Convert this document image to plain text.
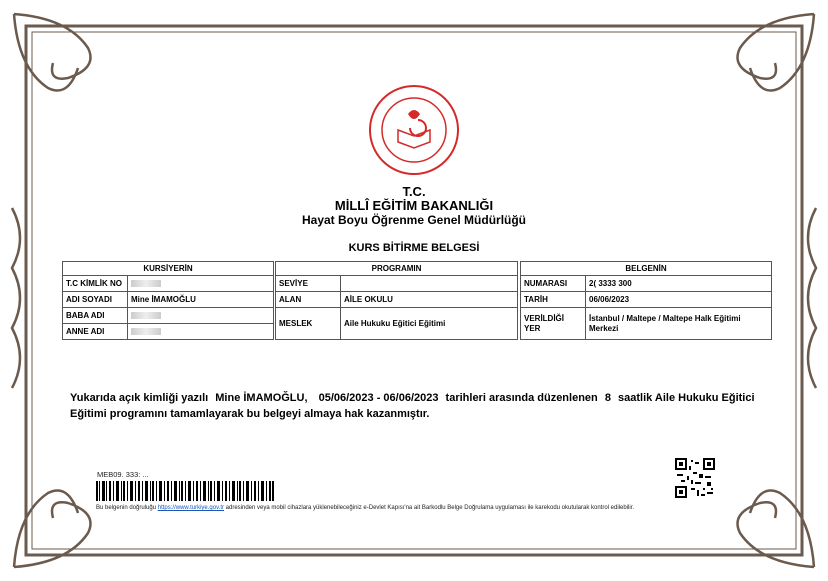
T.C.
MİLLÎ EĞİTİM BAKANLIĞI
Hayat Boyu Öğrenme Genel Müdürlüğü
KURS BİTİRME BELGESİ
KURSİYERİN	
T.C KİMLİK NO	
ADI SOYADI	Mine İMAMOĞLU
BABA ADI	
ANNE ADI	
PROGRAMIN	
SEVİYE	
ALAN	AİLE OKULU
MESLEK	Aile Hukuku Eğitici Eğitimi
BELGENİN	
NUMARASI	2( 3333 300
TARİH	06/06/2023
VERİLDİĞİ YER	İstanbul / Maltepe / Maltepe Halk Eğitimi Merkezi
Yukarıda açık kimliği yazılı Mine İMAMOĞLU, 05/06/2023 - 06/06/2023 tarihleri arasında düzenlenen 8 saatlik Aile Hukuku Eğitici Eğitimi programını tamamlayarak bu belgeyi almaya hak kazanmıştır.
MEB09. 333: ...
Bu belgenin doğruluğu https://www.turkiye.gov.tr adresinden veya mobil cihazlara yüklenebileceğiniz e-Devlet Kapısı'na ait Barkodlu Belge Doğrulama uygulaması ile karekodu okutularak kontrol edilebilir.
